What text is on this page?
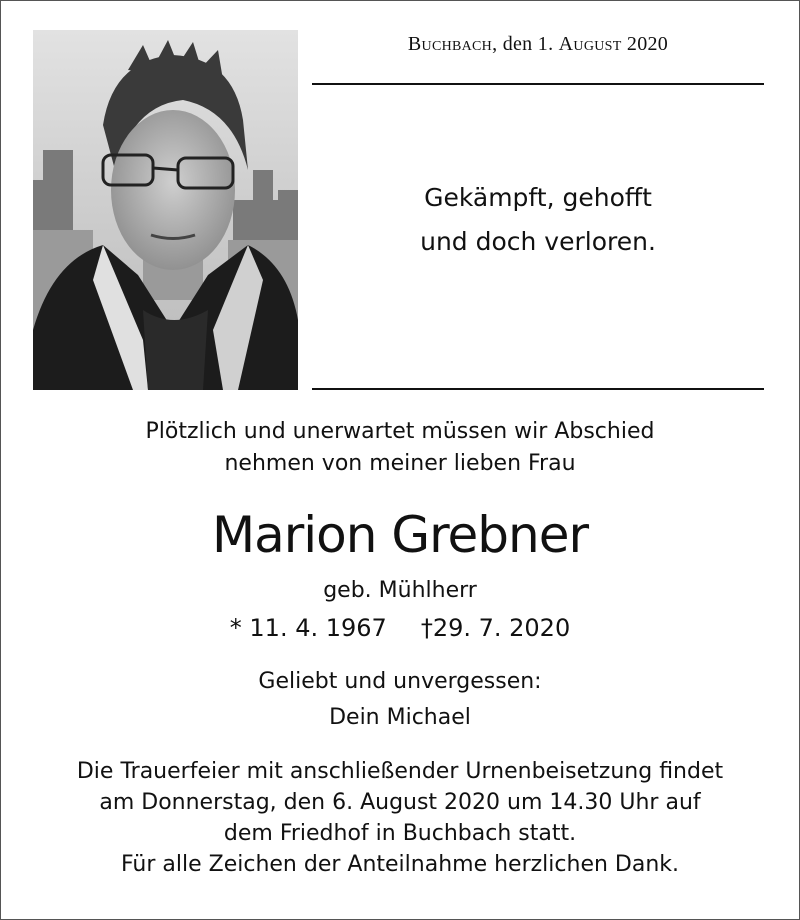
Buchbach, den 1. August 2020
Gekämpft, gehofft
und doch verloren.
Plötzlich und unerwartet müssen wir Abschied
nehmen von meiner lieben Frau
Marion Grebner
geb. Mühlherr
* 11. 4. 1967 †29. 7. 2020
Geliebt und unvergessen:
Dein Michael
Die Trauerfeier mit anschließender Urnenbeisetzung findet
am Donnerstag, den 6. August 2020 um 14.30 Uhr auf
dem Friedhof in Buchbach statt.
Für alle Zeichen der Anteilnahme herzlichen Dank.
